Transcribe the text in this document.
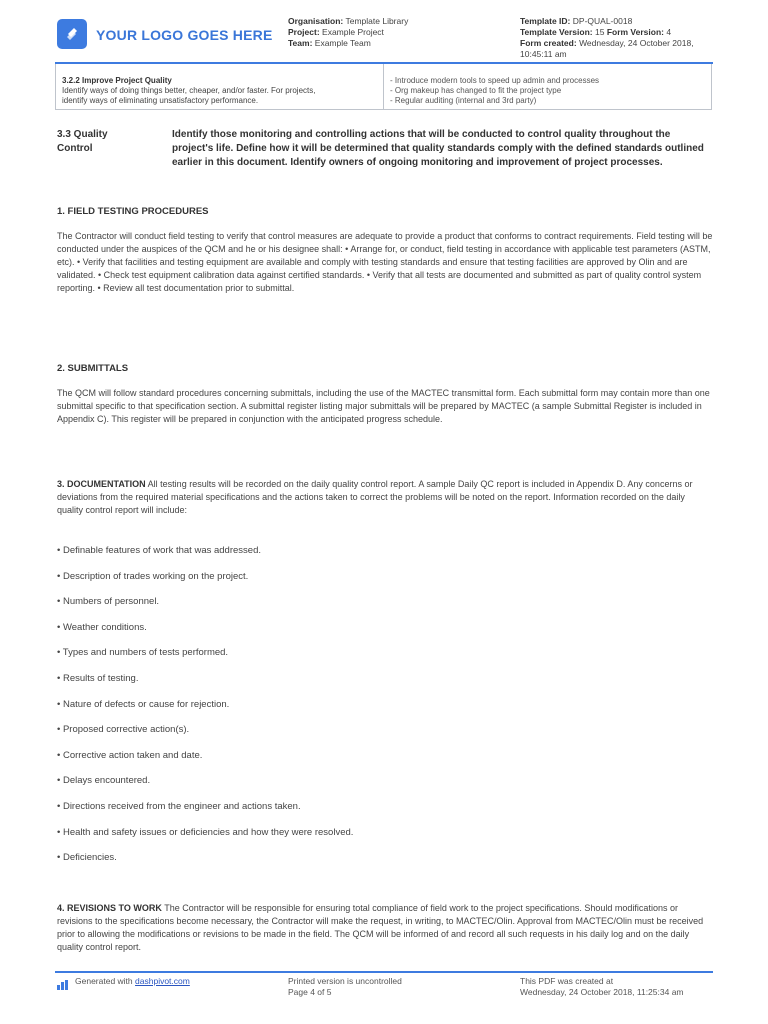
YOUR LOGO GOES HERE
Organisation: Template Library
Project: Example Project
Team: Example Team
Template ID: DP-QUAL-0018
Template Version: 15 Form Version: 4
Form created: Wednesday, 24 October 2018,
10:45:11 am
3.2.2 Improve Project Quality
Identify ways of doing things better, cheaper, and/or faster. For projects,
identify ways of eliminating unsatisfactory performance.
- Introduce modern tools to speed up admin and processes
- Org makeup has changed to fit the project type
- Regular auditing (internal and 3rd party)
3.3 Quality
Control
Identify those monitoring and controlling actions that will be conducted to control quality throughout the project's life. Define how it will be determined that quality standards comply with the defined standards outlined earlier in this document. Identify owners of ongoing monitoring and improvement of project processes.
1. FIELD TESTING PROCEDURES
The Contractor will conduct field testing to verify that control measures are adequate to provide a product that conforms to contract requirements. Field testing will be conducted under the auspices of the QCM and he or his designee shall: • Arrange for, or conduct, field testing in accordance with applicable test parameters (ASTM, etc). • Verify that facilities and testing equipment are available and comply with testing standards and ensure that testing facilities are approved by Olin and are validated. • Check test equipment calibration data against certified standards. • Verify that all tests are documented and submitted as part of quality control system reporting. • Review all test documentation prior to submittal.
2. SUBMITTALS
The QCM will follow standard procedures concerning submittals, including the use of the MACTEC transmittal form. Each submittal form may contain more than one submittal specific to that specification section. A submittal register listing major submittals will be prepared by MACTEC (a sample Submittal Register is included in Appendix C). This register will be prepared in conjunction with the anticipated progress schedule.
3. DOCUMENTATION All testing results will be recorded on the daily quality control report. A sample Daily QC report is included in Appendix D. Any concerns or deviations from the required material specifications and the actions taken to correct the problems will be noted on the report. Information recorded on the daily quality control report will include:
• Definable features of work that was addressed.
• Description of trades working on the project.
• Numbers of personnel.
• Weather conditions.
• Types and numbers of tests performed.
• Results of testing.
• Nature of defects or cause for rejection.
• Proposed corrective action(s).
• Corrective action taken and date.
• Delays encountered.
• Directions received from the engineer and actions taken.
• Health and safety issues or deficiencies and how they were resolved.
• Deficiencies.
4. REVISIONS TO WORK The Contractor will be responsible for ensuring total compliance of field work to the project specifications. Should modifications or revisions to the specifications become necessary, the Contractor will make the request, in writing, to MACTEC/Olin. Approval from MACTEC/Olin must be received prior to allowing the modifications or revisions to be made in the field. The QCM will be informed of and record all such requests in his daily log and on the daily quality control report.
Generated with dashpivot.com	Printed version is uncontrolled
Page 4 of 5
This PDF was created at
Wednesday, 24 October 2018, 11:25:34 am
